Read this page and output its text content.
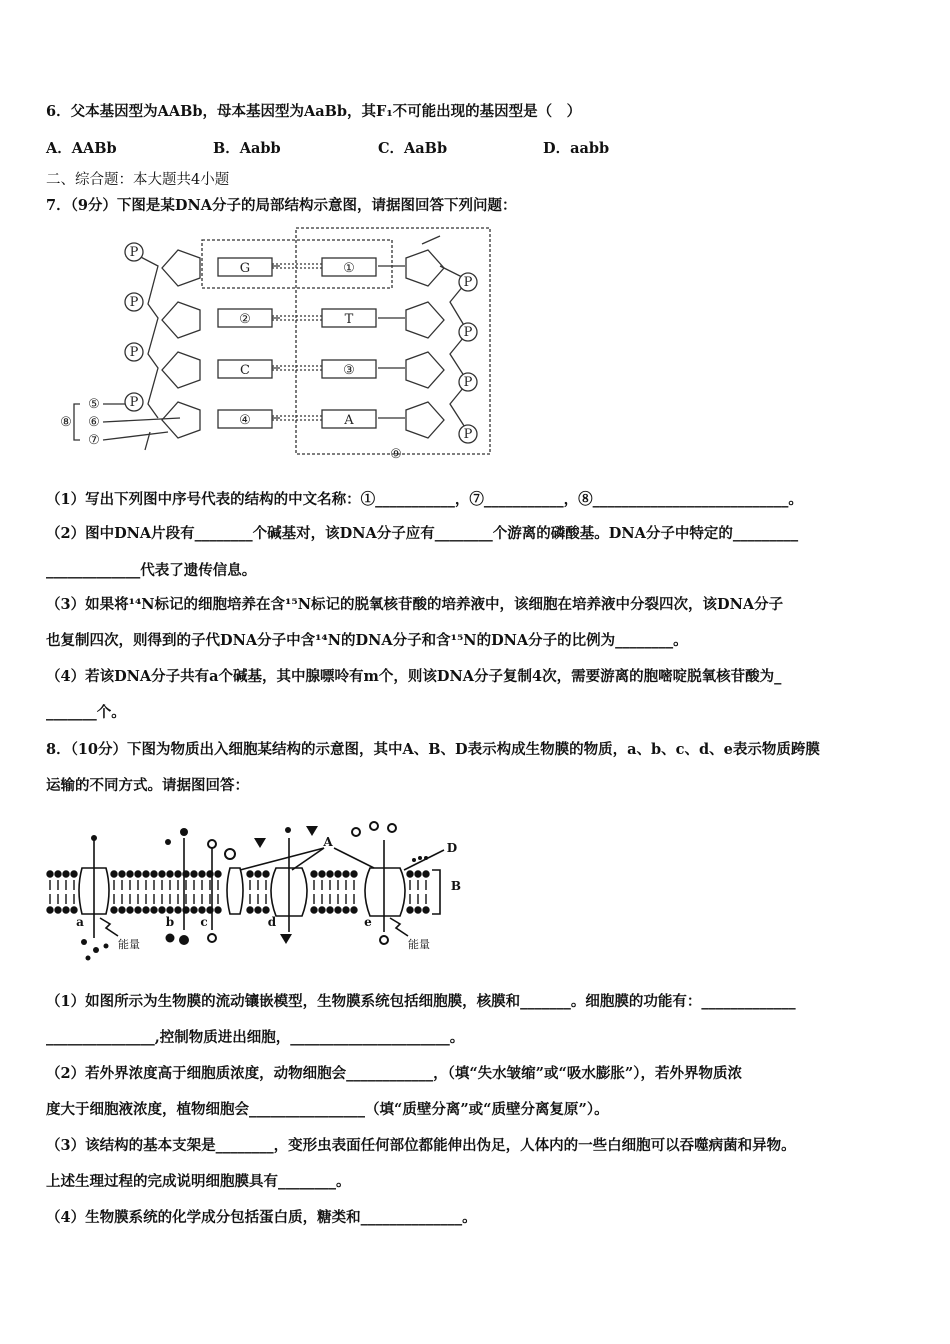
6．父本基因型为AABb，母本基因型为AaBb，其F₁不可能出现的基因型是（　）
A．AABb	B．Aabb	C．AaBb	D．aabb
二、综合题：本大题共4小题
7．（9分）下图是某DNA分子的局部结构示意图，请据图回答下列问题：
P
P
P
P
P
P
P
P
G
②
C
④
①
T
③
A
⑤
⑥
⑦
⑧
⑨
（1）写出下列图中序号代表的结构的中文名称：①___________，⑦___________，⑧___________________________。
（2）图中DNA片段有________个碱基对，该DNA分子应有________个游离的磷酸基。DNA分子中特定的_________
_____________代表了遗传信息。
（3）如果将¹⁴N标记的细胞培养在含¹⁵N标记的脱氧核苷酸的培养液中，该细胞在培养液中分裂四次，该DNA分子
也复制四次，则得到的子代DNA分子中含¹⁴N的DNA分子和含¹⁵N的DNA分子的比例为________。
（4）若该DNA分子共有a个碱基，其中腺嘌呤有m个，则该DNA分子复制4次，需要游离的胞嘧啶脱氧核苷酸为_
_______个。
8．（10分）下图为物质出入细胞某结构的示意图，其中A、B、D表示构成生物膜的物质，a、b、c、d、e表示物质跨膜
运输的不同方式。请据图回答：
A
B
D
a	b c	d	e
能量	能量
（1）如图所示为生物膜的流动镶嵌模型，生物膜系统包括细胞膜，核膜和_______。细胞膜的功能有：_____________
_______________,控制物质进出细胞，______________________。
（2）若外界浓度高于细胞质浓度，动物细胞会____________，（填“失水皱缩”或“吸水膨胀”），若外界物质浓
度大于细胞液浓度，植物细胞会________________（填“质壁分离”或“质壁分离复原”）。
（3）该结构的基本支架是________，变形虫表面任何部位都能伸出伪足，人体内的一些白细胞可以吞噬病菌和异物。
上述生理过程的完成说明细胞膜具有________。
（4）生物膜系统的化学成分包括蛋白质，糖类和______________。
